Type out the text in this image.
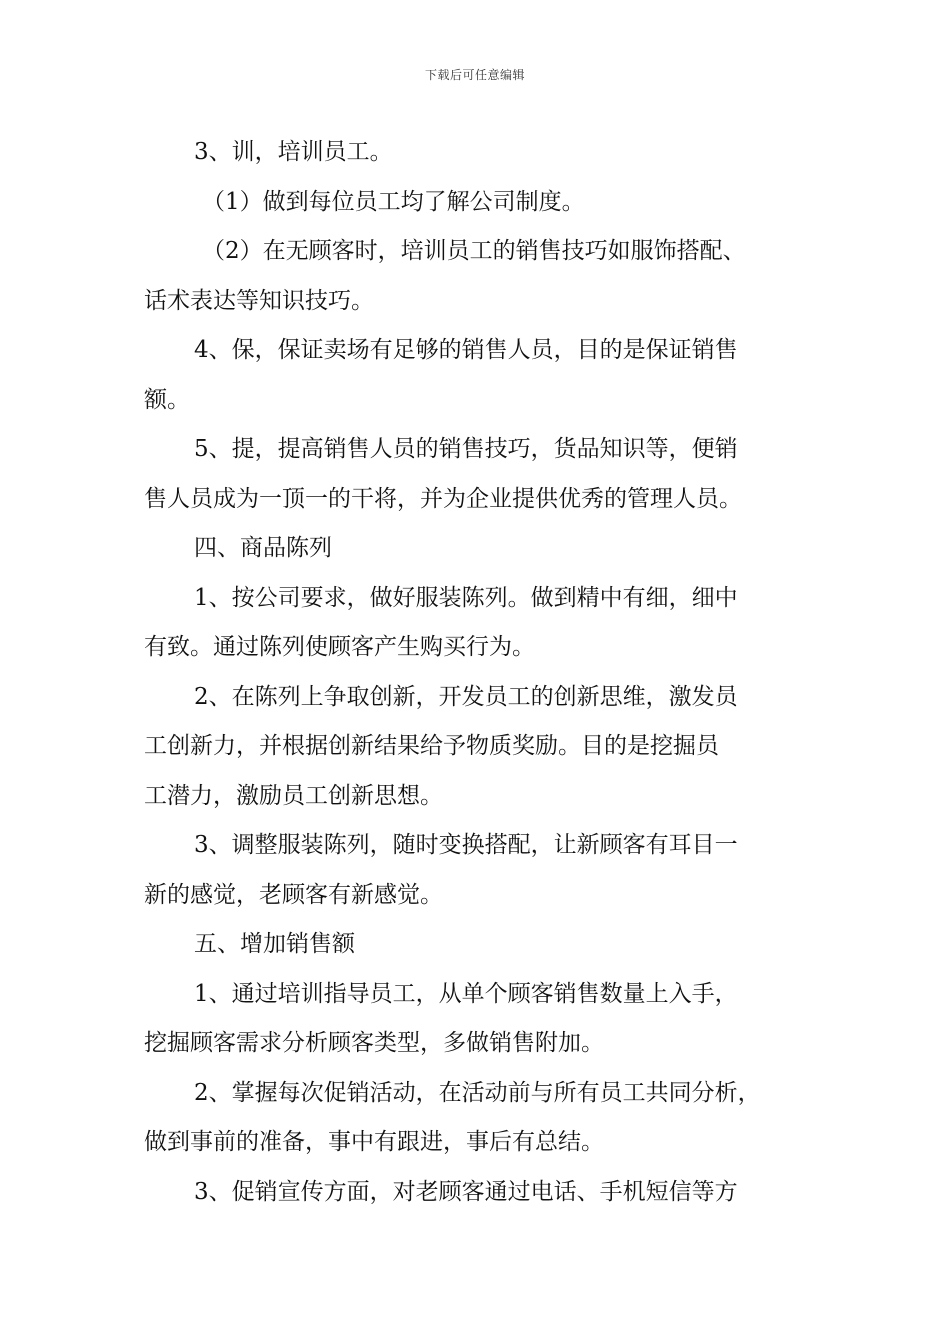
下载后可任意编辑
3、训，培训员工。
（1）做到每位员工均了解公司制度。
（2）在无顾客时，培训员工的销售技巧如服饰搭配、
话术表达等知识技巧。
4、保，保证卖场有足够的销售人员，目的是保证销售
额。
5、提，提高销售人员的销售技巧，货品知识等，便销
售人员成为一顶一的干将，并为企业提供优秀的管理人员。
四、商品陈列
1、按公司要求，做好服装陈列。做到精中有细，细中
有致。通过陈列使顾客产生购买行为。
2、在陈列上争取创新，开发员工的创新思维，激发员
工创新力，并根据创新结果给予物质奖励。目的是挖掘员
工潜力，激励员工创新思想。
3、调整服装陈列，随时变换搭配，让新顾客有耳目一
新的感觉，老顾客有新感觉。
五、增加销售额
1、通过培训指导员工，从单个顾客销售数量上入手，
挖掘顾客需求分析顾客类型，多做销售附加。
2、掌握每次促销活动，在活动前与所有员工共同分析，
做到事前的准备，事中有跟进，事后有总结。
3、促销宣传方面，对老顾客通过电话、手机短信等方
